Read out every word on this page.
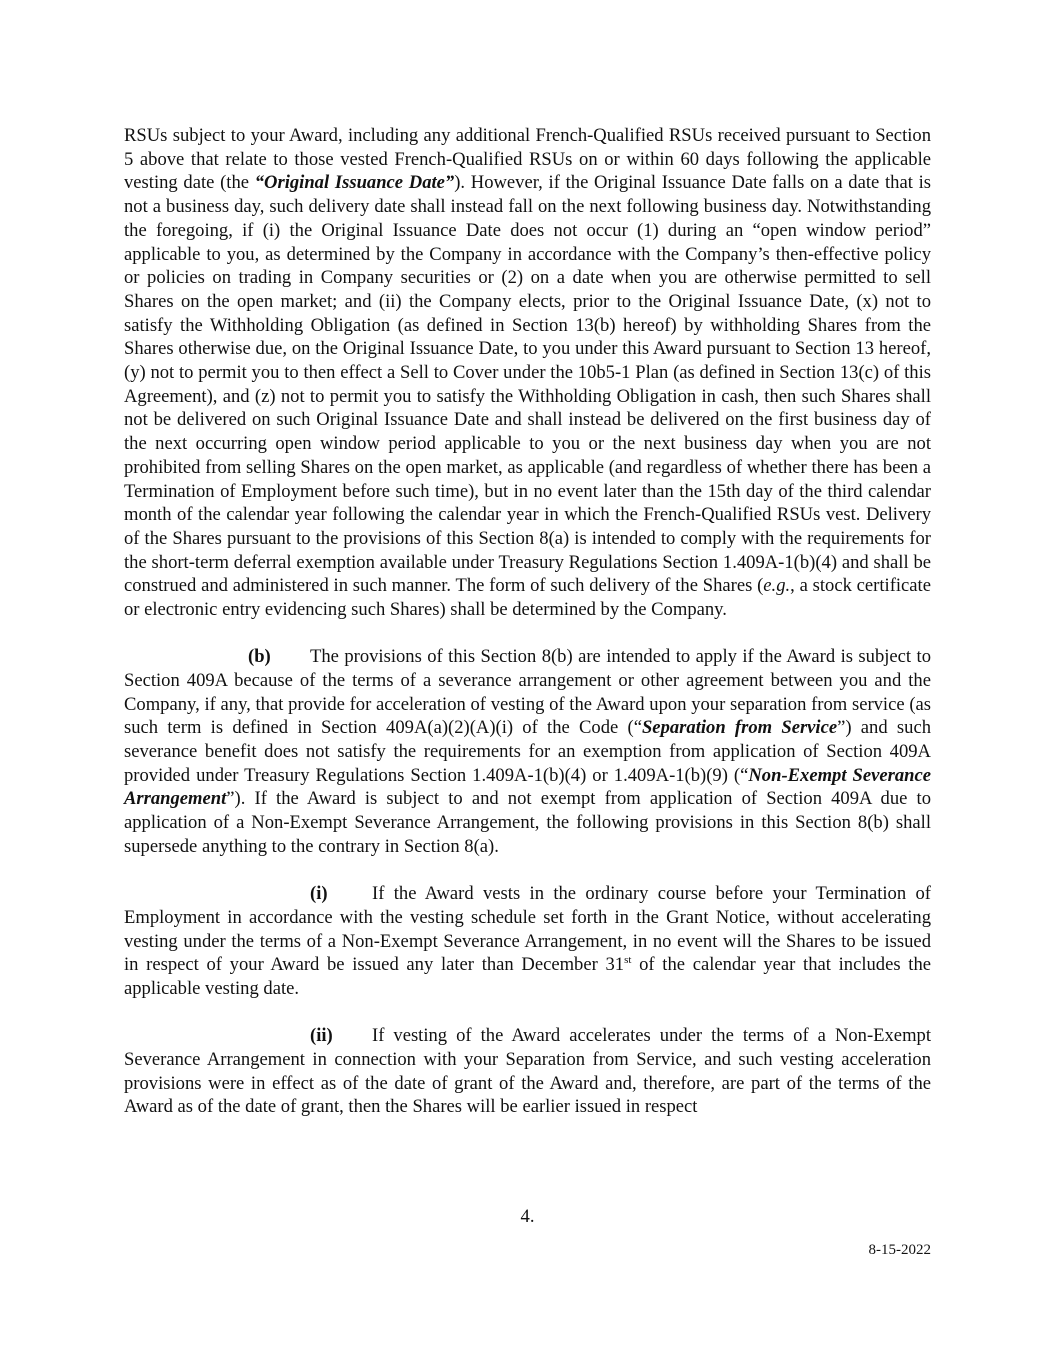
RSUs subject to your Award, including any additional French-Qualified RSUs received pursuant to Section 5 above that relate to those vested French-Qualified RSUs on or within 60 days following the applicable vesting date (the “Original Issuance Date”). However, if the Original Issuance Date falls on a date that is not a business day, such delivery date shall instead fall on the next following business day. Notwithstanding the foregoing, if (i) the Original Issuance Date does not occur (1) during an “open window period” applicable to you, as determined by the Company in accordance with the Company’s then-effective policy or policies on trading in Company securities or (2) on a date when you are otherwise permitted to sell Shares on the open market; and (ii) the Company elects, prior to the Original Issuance Date, (x) not to satisfy the Withholding Obligation (as defined in Section 13(b) hereof) by withholding Shares from the Shares otherwise due, on the Original Issuance Date, to you under this Award pursuant to Section 13 hereof, (y) not to permit you to then effect a Sell to Cover under the 10b5-1 Plan (as defined in Section 13(c) of this Agreement), and (z) not to permit you to satisfy the Withholding Obligation in cash, then such Shares shall not be delivered on such Original Issuance Date and shall instead be delivered on the first business day of the next occurring open window period applicable to you or the next business day when you are not prohibited from selling Shares on the open market, as applicable (and regardless of whether there has been a Termination of Employment before such time), but in no event later than the 15th day of the third calendar month of the calendar year following the calendar year in which the French-Qualified RSUs vest. Delivery of the Shares pursuant to the provisions of this Section 8(a) is intended to comply with the requirements for the short-term deferral exemption available under Treasury Regulations Section 1.409A-1(b)(4) and shall be construed and administered in such manner. The form of such delivery of the Shares (e.g., a stock certificate or electronic entry evidencing such Shares) shall be determined by the Company.

(b) The provisions of this Section 8(b) are intended to apply if the Award is subject to Section 409A because of the terms of a severance arrangement or other agreement between you and the Company, if any, that provide for acceleration of vesting of the Award upon your separation from service (as such term is defined in Section 409A(a)(2)(A)(i) of the Code (“Separation from Service”) and such severance benefit does not satisfy the requirements for an exemption from application of Section 409A provided under Treasury Regulations Section 1.409A-1(b)(4) or 1.409A-1(b)(9) (“Non-Exempt Severance Arrangement”). If the Award is subject to and not exempt from application of Section 409A due to application of a Non-Exempt Severance Arrangement, the following provisions in this Section 8(b) shall supersede anything to the contrary in Section 8(a).

(i) If the Award vests in the ordinary course before your Termination of Employment in accordance with the vesting schedule set forth in the Grant Notice, without accelerating vesting under the terms of a Non-Exempt Severance Arrangement, in no event will the Shares to be issued in respect of your Award be issued any later than December 31st of the calendar year that includes the applicable vesting date.

(ii) If vesting of the Award accelerates under the terms of a Non-Exempt Severance Arrangement in connection with your Separation from Service, and such vesting acceleration provisions were in effect as of the date of grant of the Award and, therefore, are part of the terms of the Award as of the date of grant, then the Shares will be earlier issued in respect

4.
8-15-2022
